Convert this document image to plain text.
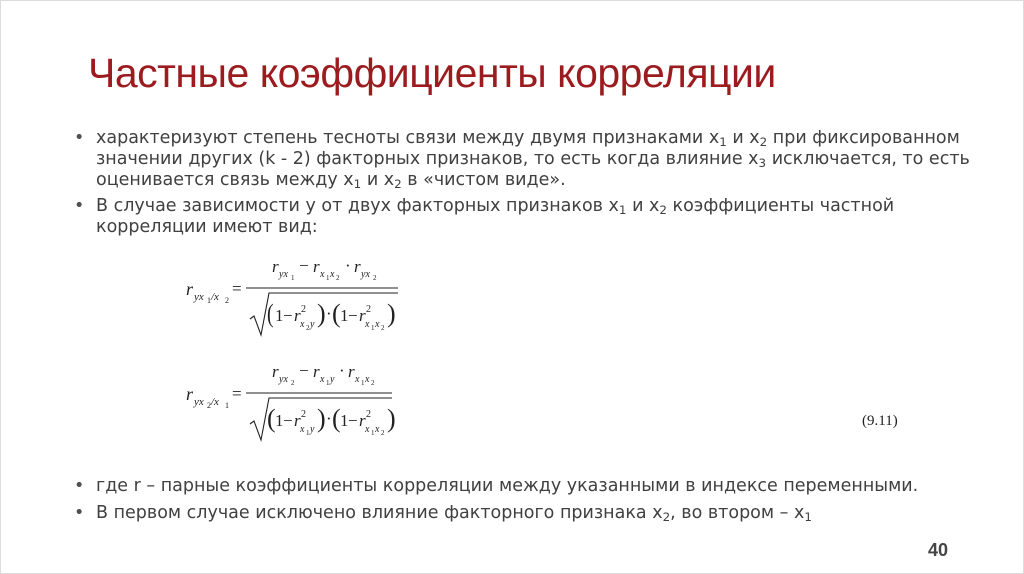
Частные коэффициенты корреляции

• характеризуют степень тесноты связи между двумя признаками $x_1$ и $x_2$ при фиксированном значении других (k - 2) факторных признаков, то есть когда влияние $x_3$ исключается, то есть оценивается связь между $x_1$ и $x_2$ в «чистом виде».

• В случае зависимости y от двух факторных признаков $x_1$ и $x_2$ коэффициенты частной корреляции имеют вид:

• где r – парные коэффициенты корреляции между указанными в индексе переменными.

• В первом случае исключено влияние факторного признака $x_2$, во втором – $x_1$

r yx 1 /x 2
=
r yx 1
− r x 1 x 2
· r yx 2
( 1 − r 2
x 2 y ) · ( 1 − r 2
x 1 x 2 )
r yx 2 /x 1
=
r yx 2
− r x 1 y · r x 1 x 2
( 1 − r 2
x 1 y ) · ( 1 − r 2
x 1 x 2 )	(9.11)
40
